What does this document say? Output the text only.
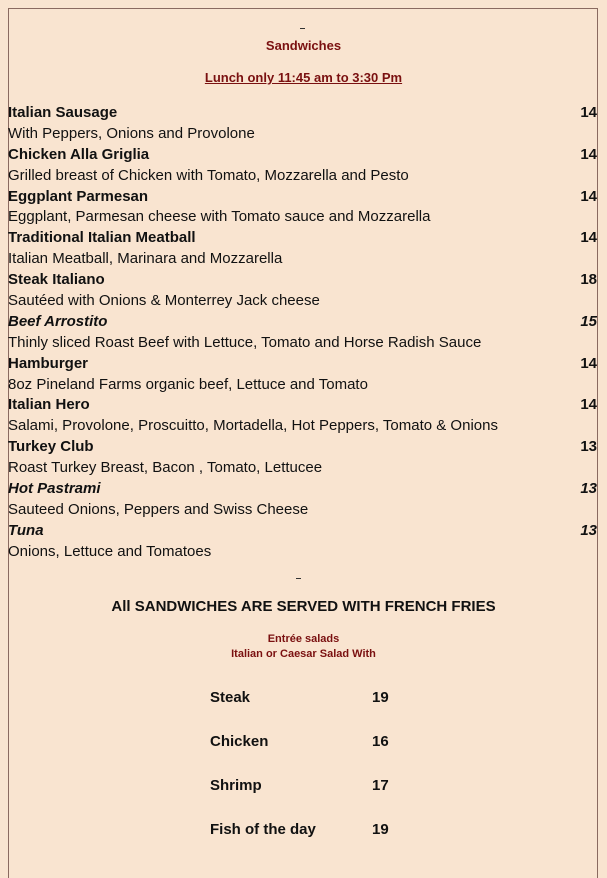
Sandwiches
Lunch only 11:45 am to 3:30 Pm
Italian Sausage	14
With Peppers, Onions and Provolone
Chicken Alla Griglia	14
Grilled breast of Chicken with Tomato, Mozzarella and Pesto
Eggplant Parmesan	14
Eggplant, Parmesan cheese with Tomato sauce and Mozzarella
Traditional Italian Meatball	14
Italian Meatball, Marinara and Mozzarella
Steak Italiano	18
Sautéed with Onions & Monterrey Jack cheese
Beef Arrostito	15
Thinly sliced Roast Beef with Lettuce, Tomato and Horse Radish Sauce
Hamburger	14
8oz Pineland Farms organic beef, Lettuce and Tomato
Italian Hero	14
Salami, Provolone, Proscuitto, Mortadella, Hot Peppers, Tomato & Onions
Turkey Club	13
Roast Turkey Breast, Bacon , Tomato, Lettucee
Hot Pastrami	13
Sauteed Onions, Peppers and Swiss Cheese
Tuna	13
Onions, Lettuce and Tomatoes
All SANDWICHES ARE SERVED WITH FRENCH FRIES
Entrée salads
Italian or Caesar Salad With
Steak	19
Chicken	16
Shrimp	17
Fish of the day	19
